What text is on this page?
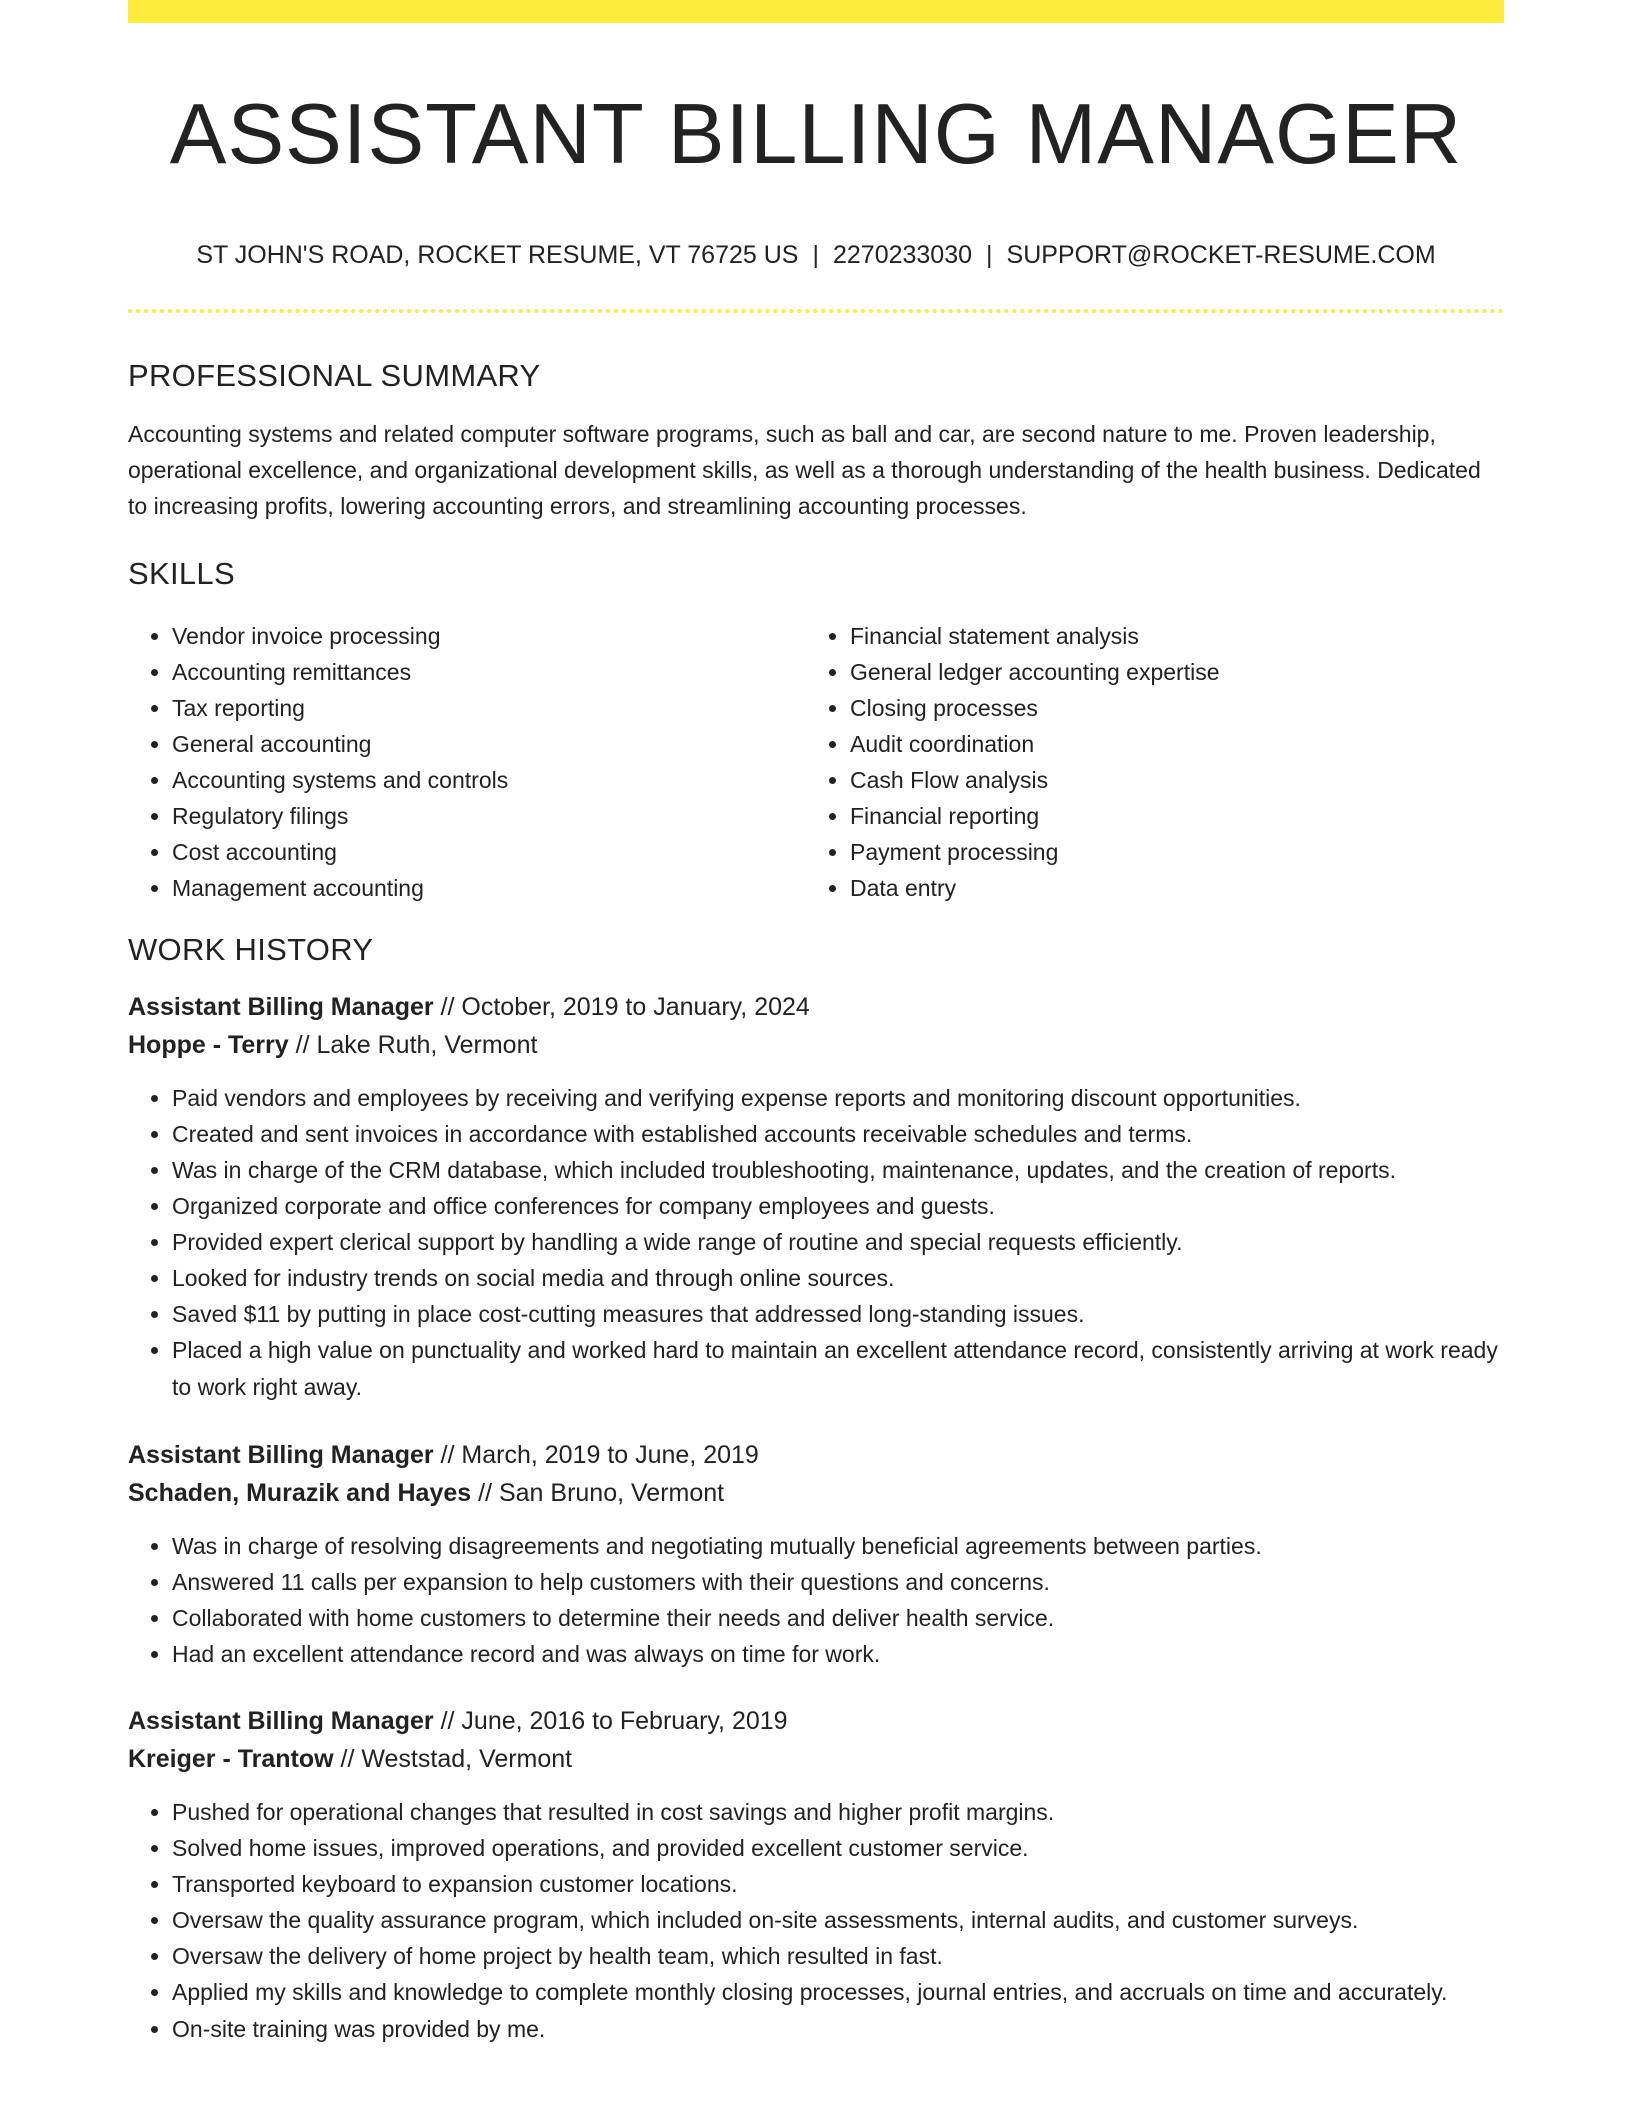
ASSISTANT BILLING MANAGER
ST JOHN'S ROAD, ROCKET RESUME, VT 76725 US | 2270233030 | SUPPORT@ROCKET-RESUME.COM
PROFESSIONAL SUMMARY

Accounting systems and related computer software programs, such as ball and car, are second nature to me. Proven leadership, operational excellence, and organizational development skills, as well as a thorough understanding of the health business. Dedicated to increasing profits, lowering accounting errors, and streamlining accounting processes.

SKILLS
• Vendor invoice processing
• Accounting remittances
• Tax reporting
• General accounting
• Accounting systems and controls
• Regulatory filings
• Cost accounting
• Management accounting
• Financial statement analysis
• General ledger accounting expertise
• Closing processes
• Audit coordination
• Cash Flow analysis
• Financial reporting
• Payment processing
• Data entry
WORK HISTORY
Assistant Billing Manager // October, 2019 to January, 2024
Hoppe - Terry // Lake Ruth, Vermont
• Paid vendors and employees by receiving and verifying expense reports and monitoring discount opportunities.
• Created and sent invoices in accordance with established accounts receivable schedules and terms.
• Was in charge of the CRM database, which included troubleshooting, maintenance, updates, and the creation of reports.
• Organized corporate and office conferences for company employees and guests.
• Provided expert clerical support by handling a wide range of routine and special requests efficiently.
• Looked for industry trends on social media and through online sources.
• Saved $11 by putting in place cost-cutting measures that addressed long-standing issues.
• Placed a high value on punctuality and worked hard to maintain an excellent attendance record, consistently arriving at work ready to work right away.
Assistant Billing Manager // March, 2019 to June, 2019
Schaden, Murazik and Hayes // San Bruno, Vermont
• Was in charge of resolving disagreements and negotiating mutually beneficial agreements between parties.
• Answered 11 calls per expansion to help customers with their questions and concerns.
• Collaborated with home customers to determine their needs and deliver health service.
• Had an excellent attendance record and was always on time for work.
Assistant Billing Manager // June, 2016 to February, 2019
Kreiger - Trantow // Weststad, Vermont
• Pushed for operational changes that resulted in cost savings and higher profit margins.
• Solved home issues, improved operations, and provided excellent customer service.
• Transported keyboard to expansion customer locations.
• Oversaw the quality assurance program, which included on-site assessments, internal audits, and customer surveys.
• Oversaw the delivery of home project by health team, which resulted in fast.
• Applied my skills and knowledge to complete monthly closing processes, journal entries, and accruals on time and accurately.
• On-site training was provided by me.
